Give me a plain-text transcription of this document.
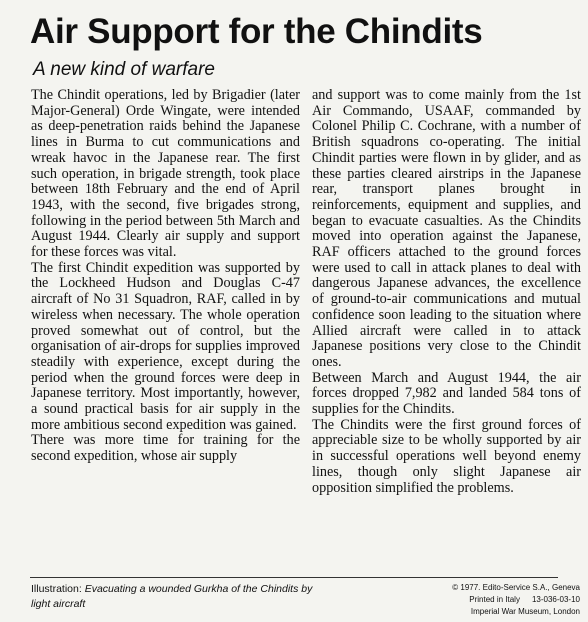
Air Support for the Chindits
A new kind of warfare

The Chindit operations, led by Brigadier (later Major-General) Orde Wingate, were intended as deep-penetration raids behind the Japanese lines in Burma to cut communications and wreak havoc in the Japanese rear. The first such operation, in brigade strength, took place between 18th February and the end of April 1943, with the second, five brigades strong, following in the period between 5th March and August 1944. Clearly air supply and support for these forces was vital.

The first Chindit expedition was supported by the Lockheed Hudson and Douglas C-47 aircraft of No 31 Squadron, RAF, called in by wireless when necessary. The whole operation proved somewhat out of control, but the organisation of air-drops for supplies improved steadily with experience, except during the period when the ground forces were deep in Japanese territory. Most importantly, however, a sound practical basis for air supply in the more ambitious second expedition was gained.

There was more time for training for the second expedition, whose air supply

and support was to come mainly from the 1st Air Commando, USAAF, commanded by Colonel Philip C. Cochrane, with a number of British squadrons co-operating. The initial Chindit parties were flown in by glider, and as these parties cleared airstrips in the Japanese rear, transport planes brought in reinforcements, equipment and supplies, and began to evacuate casualties. As the Chindits moved into operation against the Japanese, RAF officers attached to the ground forces were used to call in attack planes to deal with dangerous Japanese advances, the excellence of ground-to-air communications and mutual confidence soon leading to the situation where Allied aircraft were called in to attack Japanese positions very close to the Chindit ones.

Between March and August 1944, the air forces dropped 7,982 and landed 584 tons of supplies for the Chindits.

The Chindits were the first ground forces of appreciable size to be wholly supported by air in successful operations well beyond enemy lines, though only slight Japanese air opposition simplified the problems.

Illustration: Evacuating a wounded Gurkha of the Chindits by light aircraft
© 1977. Edito-Service S.A., Geneva
Printed in Italy 13-036-03-10
Imperial War Museum, London
